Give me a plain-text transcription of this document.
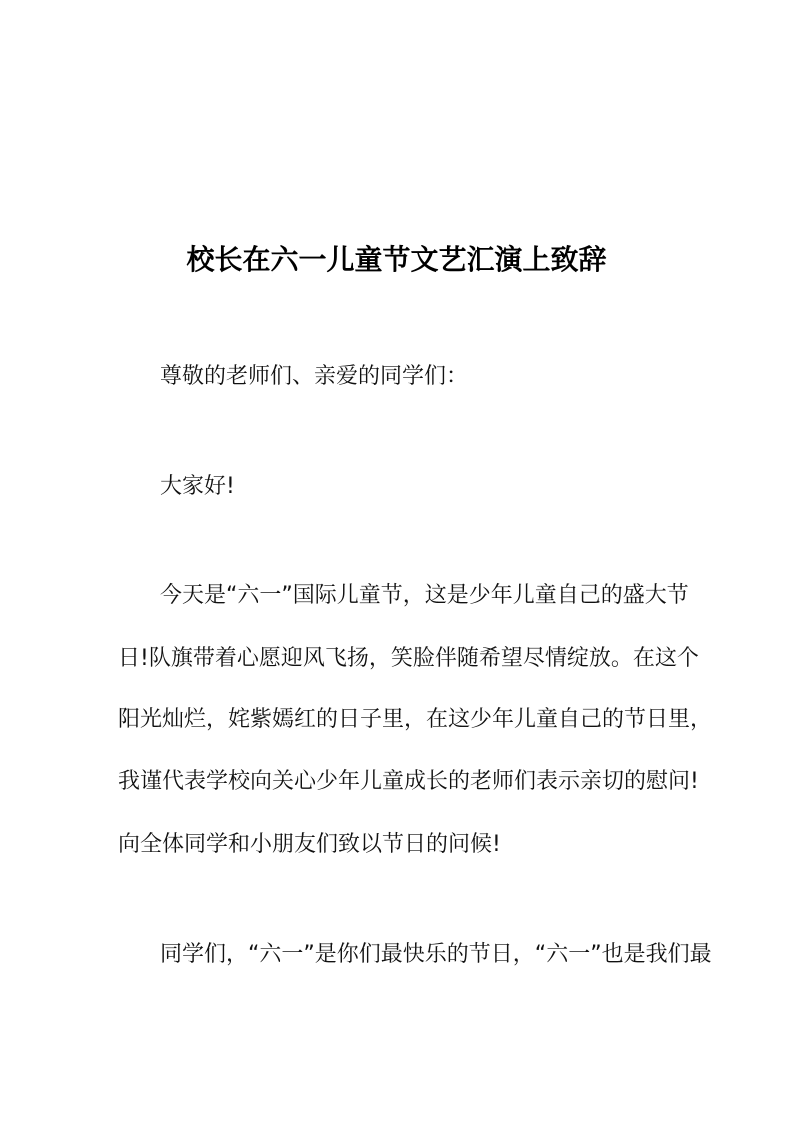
校长在六一儿童节文艺汇演上致辞
尊敬的老师们、亲爱的同学们：
大家好!
今天是“六一”国际儿童节，这是少年儿童自己的盛大节
日!队旗带着心愿迎风飞扬，笑脸伴随希望尽情绽放。在这个
阳光灿烂，姹紫嫣红的日子里，在这少年儿童自己的节日里，
我谨代表学校向关心少年儿童成长的老师们表示亲切的慰问!
向全体同学和小朋友们致以节日的问候!
同学们，“六一”是你们最快乐的节日，“六一”也是我们最
